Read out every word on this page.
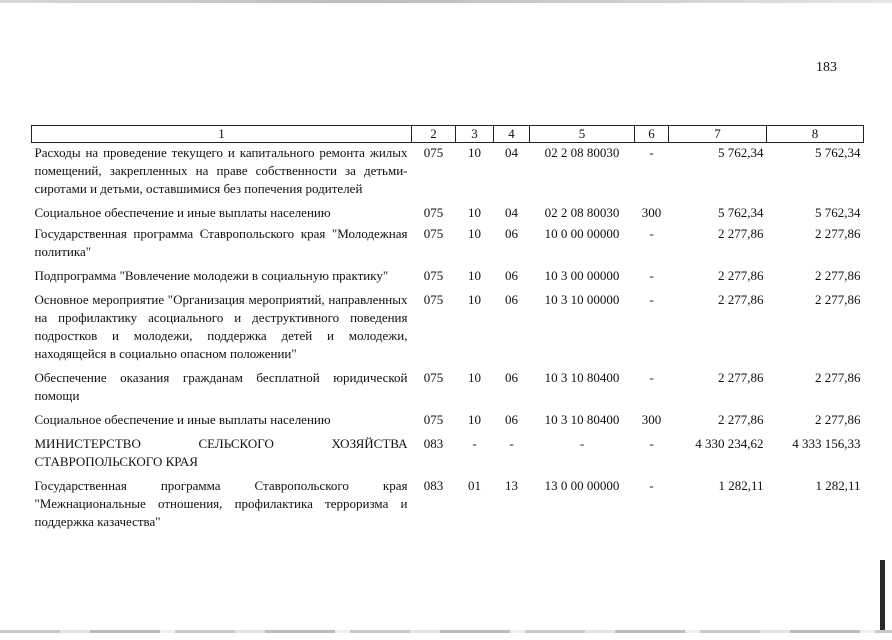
183
1	2	3	4	5	6	7	8
Расходы на проведение текущего и капитального ремонта жилых помещений, закрепленных на праве собственности за детьми-сиротами и детьми, оставшимися без попечения родителей	075	10	04	02 2 08 80030	-	5 762,34	5 762,34
Социальное обеспечение и иные выплаты населению	075	10	04	02 2 08 80030	300	5 762,34	5 762,34
Государственная программа Ставропольского края "Молодежная политика"	075	10	06	10 0 00 00000	-	2 277,86	2 277,86
Подпрограмма "Вовлечение молодежи в социальную практику"	075	10	06	10 3 00 00000	-	2 277,86	2 277,86
Основное мероприятие "Организация мероприятий, направленных на профилактику асоциального и деструктивного поведения подростков и молодежи, поддержка детей и молодежи, находящейся в социально опасном положении"	075	10	06	10 3 10 00000	-	2 277,86	2 277,86
Обеспечение оказания гражданам бесплатной юридической помощи	075	10	06	10 3 10 80400	-	2 277,86	2 277,86
Социальное обеспечение и иные выплаты населению	075	10	06	10 3 10 80400	300	2 277,86	2 277,86
МИНИСТЕРСТВО СЕЛЬСКОГО ХОЗЯЙСТВА СТАВРОПОЛЬСКОГО КРАЯ	083	-	-	-	-	4 330 234,62	4 333 156,33
Государственная программа Ставропольского края "Межнациональные отношения, профилактика терроризма и поддержка казачества"	083	01	13	13 0 00 00000	-	1 282,11	1 282,11
